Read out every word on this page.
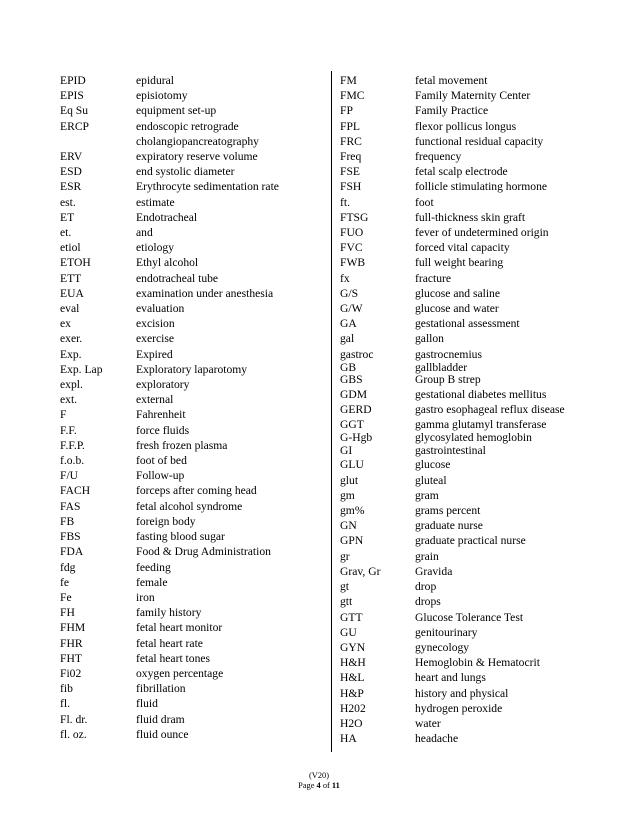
EPID	epidural
EPIS	episiotomy
Eq Su	equipment set-up
ERCP	endoscopic retrograde cholangiopancreatography
ERV	expiratory reserve volume
ESD	end systolic diameter
ESR	Erythrocyte sedimentation rate
est.	estimate
ET	Endotracheal
et.	and
etiol	etiology
ETOH	Ethyl alcohol
ETT	endotracheal tube
EUA	examination under anesthesia
eval	evaluation
ex	excision
exer.	exercise
Exp.	Expired
Exp. Lap	Exploratory laparotomy
expl.	exploratory
ext.	external
F	Fahrenheit
F.F.	force fluids
F.F.P.	fresh frozen plasma
f.o.b.	foot of bed
F/U	Follow-up
FACH	forceps after coming head
FAS	fetal alcohol syndrome
FB	foreign body
FBS	fasting blood sugar
FDA	Food & Drug Administration
fdg	feeding
fe	female
Fe	iron
FH	family history
FHM	fetal heart monitor
FHR	fetal heart rate
FHT	fetal heart tones
Fi02	oxygen percentage
fib	fibrillation
fl.	fluid
Fl. dr.	fluid dram
fl. oz.	fluid ounce
FM	fetal movement
FMC	Family Maternity Center
FP	Family Practice
FPL	flexor pollicus longus
FRC	functional residual capacity
Freq	frequency
FSE	fetal scalp electrode
FSH	follicle stimulating hormone
ft.	foot
FTSG	full-thickness skin graft
FUO	fever of undetermined origin
FVC	forced vital capacity
FWB	full weight bearing
fx	fracture
G/S	glucose and saline
G/W	glucose and water
GA	gestational assessment
gal	gallon
gastroc	gastrocnemius
GB	gallbladder
GBS	Group B strep
GDM	gestational diabetes mellitus
GERD	gastro esophageal reflux disease
GGT	gamma glutamyl transferase
G-Hgb	glycosylated hemoglobin
GI	gastrointestinal
GLU	glucose
glut	gluteal
gm	gram
gm%	grams percent
GN	graduate nurse
GPN	graduate practical nurse
gr	grain
Grav, Gr	Gravida
gt	drop
gtt	drops
GTT	Glucose Tolerance Test
GU	genitourinary
GYN	gynecology
H&H	Hemoglobin & Hematocrit
H&L	heart and lungs
H&P	history and physical
H202	hydrogen peroxide
H2O	water
HA	headache
(V20)
Page 4 of 11
